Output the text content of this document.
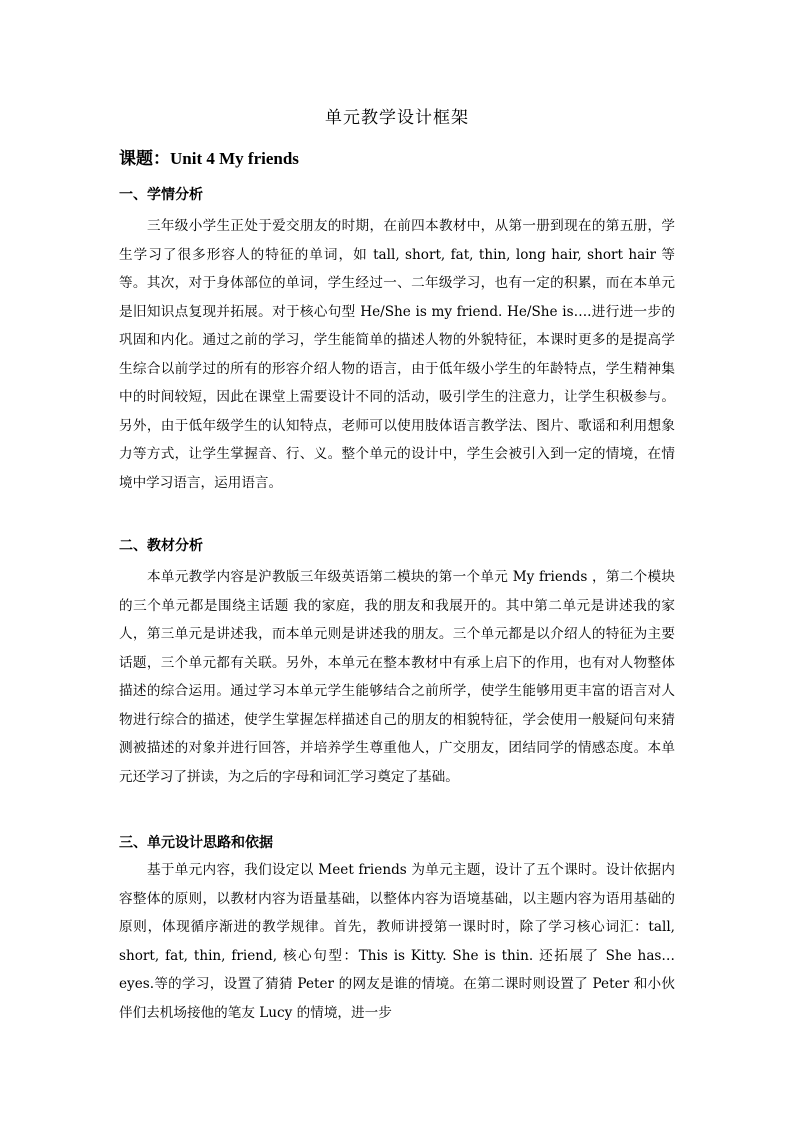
单元教学设计框架
课题：Unit 4 My friends
一、学情分析

三年级小学生正处于爱交朋友的时期，在前四本教材中，从第一册到现在的第五册，学生学习了很多形容人的特征的单词，如 tall, short, fat, thin, long hair, short hair 等等。其次，对于身体部位的单词，学生经过一、二年级学习，也有一定的积累，而在本单元是旧知识点复现并拓展。对于核心句型 He/She is my friend. He/She is….进行进一步的巩固和内化。通过之前的学习，学生能简单的描述人物的外貌特征，本课时更多的是提高学生综合以前学过的所有的形容介绍人物的语言，由于低年级小学生的年龄特点，学生精神集中的时间较短，因此在课堂上需要设计不同的活动，吸引学生的注意力，让学生积极参与。另外，由于低年级学生的认知特点，老师可以使用肢体语言教学法、图片、歌谣和利用想象力等方式，让学生掌握音、行、义。整个单元的设计中，学生会被引入到一定的情境，在情境中学习语言，运用语言。

二、教材分析

本单元教学内容是沪教版三年级英语第二模块的第一个单元 My friends ，第二个模块的三个单元都是围绕主话题 我的家庭，我的朋友和我展开的。其中第二单元是讲述我的家人，第三单元是讲述我，而本单元则是讲述我的朋友。三个单元都是以介绍人的特征为主要话题，三个单元都有关联。另外，本单元在整本教材中有承上启下的作用，也有对人物整体描述的综合运用。通过学习本单元学生能够结合之前所学，使学生能够用更丰富的语言对人物进行综合的描述，使学生掌握怎样描述自己的朋友的相貌特征，学会使用一般疑问句来猜测被描述的对象并进行回答，并培养学生尊重他人，广交朋友，团结同学的情感态度。本单元还学习了拼读，为之后的字母和词汇学习奠定了基础。

三、单元设计思路和依据

基于单元内容，我们设定以 Meet friends 为单元主题，设计了五个课时。设计依据内容整体的原则，以教材内容为语量基础，以整体内容为语境基础，以主题内容为语用基础的原则，体现循序渐进的教学规律。首先，教师讲授第一课时时，除了学习核心词汇：tall, short, fat, thin, friend, 核心句型：This is Kitty. She is thin. 还拓展了 She has…eyes.等的学习，设置了猜猜 Peter 的网友是谁的情境。在第二课时则设置了 Peter 和小伙伴们去机场接他的笔友 Lucy 的情境，进一步
